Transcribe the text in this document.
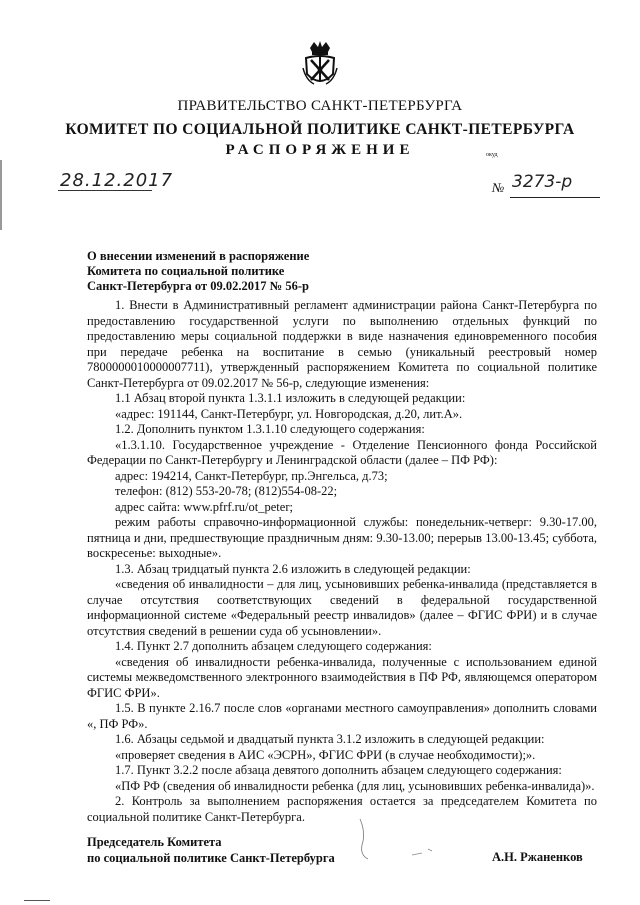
ПРАВИТЕЛЬСТВО САНКТ-ПЕТЕРБУРГА
КОМИТЕТ ПО СОЦИАЛЬНОЙ ПОЛИТИКЕ САНКТ-ПЕТЕРБУРГА
РАСПОРЯЖЕНИЕ	окуд
28.12.2017	№ 3273-р
О внесении изменений в распоряжение
Комитета по социальной политике
Санкт-Петербурга от 09.02.2017 № 56-р

1. Внести в Административный регламент администрации района Санкт-Петербурга по предоставлению государственной услуги по выполнению отдельных функций по предоставлению меры социальной поддержки в виде назначения единовременного пособия при передаче ребенка на воспитание в семью (уникальный реестровый номер 7800000010000007711), утвержденный распоряжением Комитета по социальной политике Санкт-Петербурга от 09.02.2017 № 56-р, следующие изменения:

1.1 Абзац второй пункта 1.3.1.1 изложить в следующей редакции:

«адрес: 191144, Санкт-Петербург, ул. Новгородская, д.20, лит.А».

1.2. Дополнить пунктом 1.3.1.10 следующего содержания:

«1.3.1.10. Государственное учреждение - Отделение Пенсионного фонда Российской Федерации по Санкт-Петербургу и Ленинградской области (далее – ПФ РФ):

адрес: 194214, Санкт-Петербург, пр.Энгельса, д.73;

телефон: (812) 553-20-78; (812)554-08-22;

адрес сайта: www.pfrf.ru/ot_peter;

режим работы справочно-информационной службы: понедельник-четверг: 9.30-17.00, пятница и дни, предшествующие праздничным дням: 9.30-13.00; перерыв 13.00-13.45; суббота, воскресенье: выходные».

1.3. Абзац тридцатый пункта 2.6 изложить в следующей редакции:

«сведения об инвалидности – для лиц, усыновивших ребенка-инвалида (представляется в случае отсутствия соответствующих сведений в федеральной государственной информационной системе «Федеральный реестр инвалидов» (далее – ФГИС ФРИ) и в случае отсутствия сведений в решении суда об усыновлении».

1.4. Пункт 2.7 дополнить абзацем следующего содержания:

«сведения об инвалидности ребенка-инвалида, полученные с использованием единой системы межведомственного электронного взаимодействия в ПФ РФ, являющемся оператором ФГИС ФРИ».

1.5. В пункте 2.16.7 после слов «органами местного самоуправления» дополнить словами «, ПФ РФ».

1.6. Абзацы седьмой и двадцатый пункта 3.1.2 изложить в следующей редакции:

«проверяет сведения в АИС «ЭСРН», ФГИС ФРИ (в случае необходимости);».

1.7. Пункт 3.2.2 после абзаца девятого дополнить абзацем следующего содержания:

«ПФ РФ (сведения об инвалидности ребенка (для лиц, усыновивших ребенка-инвалида)».

2. Контроль за выполнением распоряжения остается за председателем Комитета по социальной политике Санкт-Петербурга.

Председатель Комитета
по социальной политике Санкт-Петербурга	А.Н. Ржаненков
